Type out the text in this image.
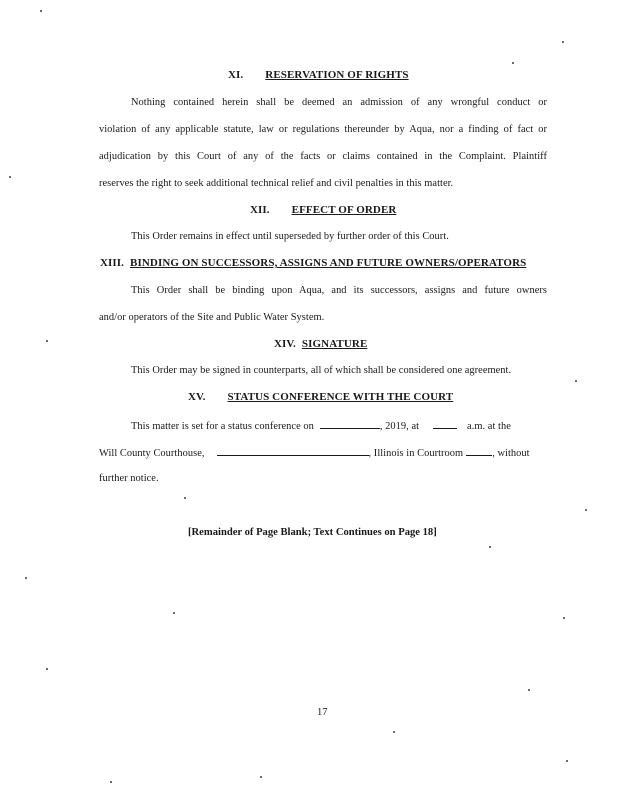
XI. RESERVATION OF RIGHTS
Nothing contained herein shall be deemed an admission of any wrongful conduct or
violation of any applicable statute, law or regulations thereunder by Aqua, nor a finding of fact or
adjudication by this Court of any of the facts or claims contained in the Complaint. Plaintiff
reserves the right to seek additional technical relief and civil penalties in this matter.
XII. EFFECT OF ORDER
This Order remains in effect until superseded by further order of this Court.
XIII. BINDING ON SUCCESSORS, ASSIGNS AND FUTURE OWNERS/OPERATORS
This Order shall be binding upon Aqua, and its successors, assigns and future owners
and/or operators of the Site and Public Water System.
XIV. SIGNATURE
This Order may be signed in counterparts, all of which shall be considered one agreement.
XV. STATUS CONFERENCE WITH THE COURT
This matter is set for a status conference on	, 2019, at	a.m. at the
Will County Courthouse,	, Illinois in Courtroom	, without
further notice.
[Remainder of Page Blank; Text Continues on Page 18]
17
